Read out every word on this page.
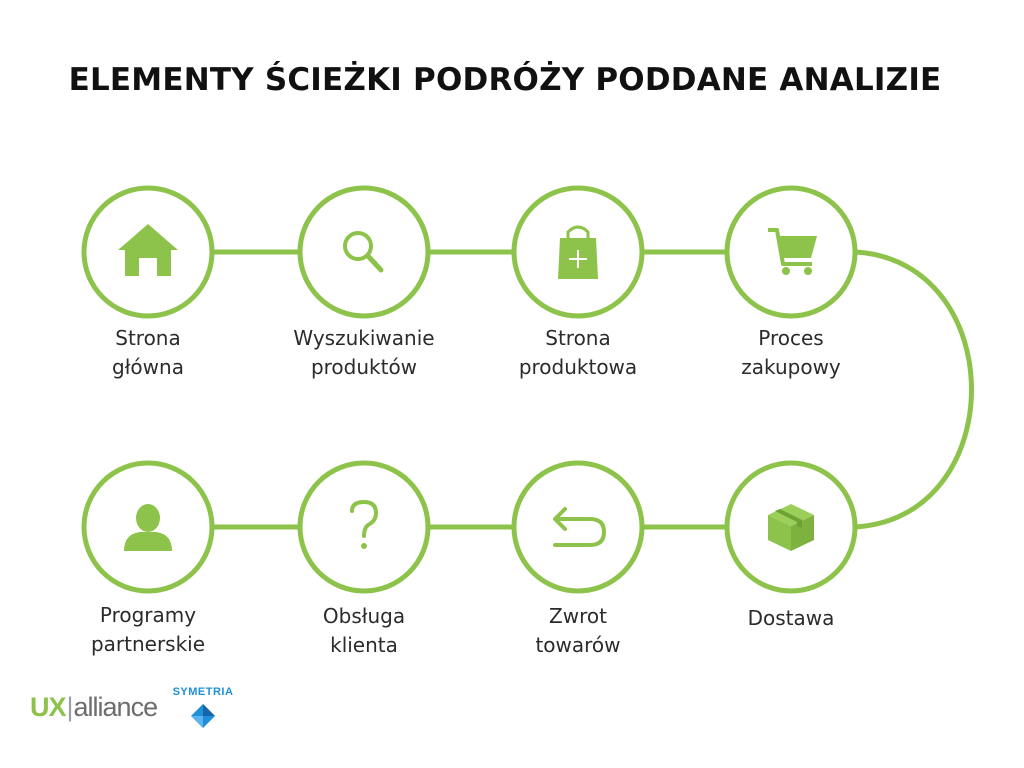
ELEMENTY ŚCIEŻKI PODRÓŻY PODDANE ANALIZIE
Strona
główna
Wyszukiwanie
produktów
Strona
produktowa
Proces
zakupowy
Dostawa
Zwrot
towarów
Obsługa
klienta
Programy
partnerskie
UX|alliance	SYMETRIA
